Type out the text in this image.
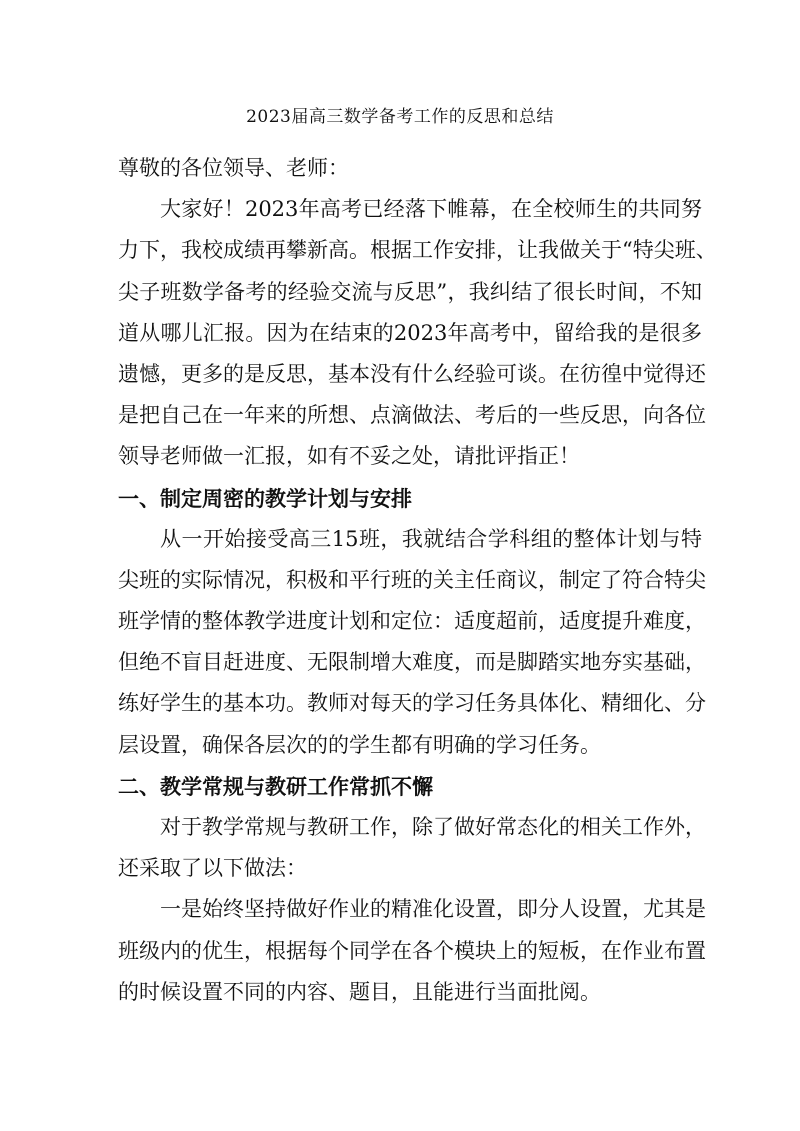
2023届高三数学备考工作的反思和总结
尊敬的各位领导、老师：
大家好！2023年高考已经落下帷幕，在全校师生的共同努
力下，我校成绩再攀新高。根据工作安排，让我做关于“特尖班、
尖子班数学备考的经验交流与反思”，我纠结了很长时间，不知
道从哪儿汇报。因为在结束的2023年高考中，留给我的是很多
遗憾，更多的是反思，基本没有什么经验可谈。在彷徨中觉得还
是把自己在一年来的所想、点滴做法、考后的一些反思，向各位
领导老师做一汇报，如有不妥之处，请批评指正！
一、制定周密的教学计划与安排
从一开始接受高三15班，我就结合学科组的整体计划与特
尖班的实际情况，积极和平行班的关主任商议，制定了符合特尖
班学情的整体教学进度计划和定位：适度超前，适度提升难度，
但绝不盲目赶进度、无限制增大难度，而是脚踏实地夯实基础，
练好学生的基本功。教师对每天的学习任务具体化、精细化、分
层设置，确保各层次的的学生都有明确的学习任务。
二、教学常规与教研工作常抓不懈
对于教学常规与教研工作，除了做好常态化的相关工作外，
还采取了以下做法：
一是始终坚持做好作业的精准化设置，即分人设置，尤其是
班级内的优生，根据每个同学在各个模块上的短板，在作业布置
的时候设置不同的内容、题目，且能进行当面批阅。
